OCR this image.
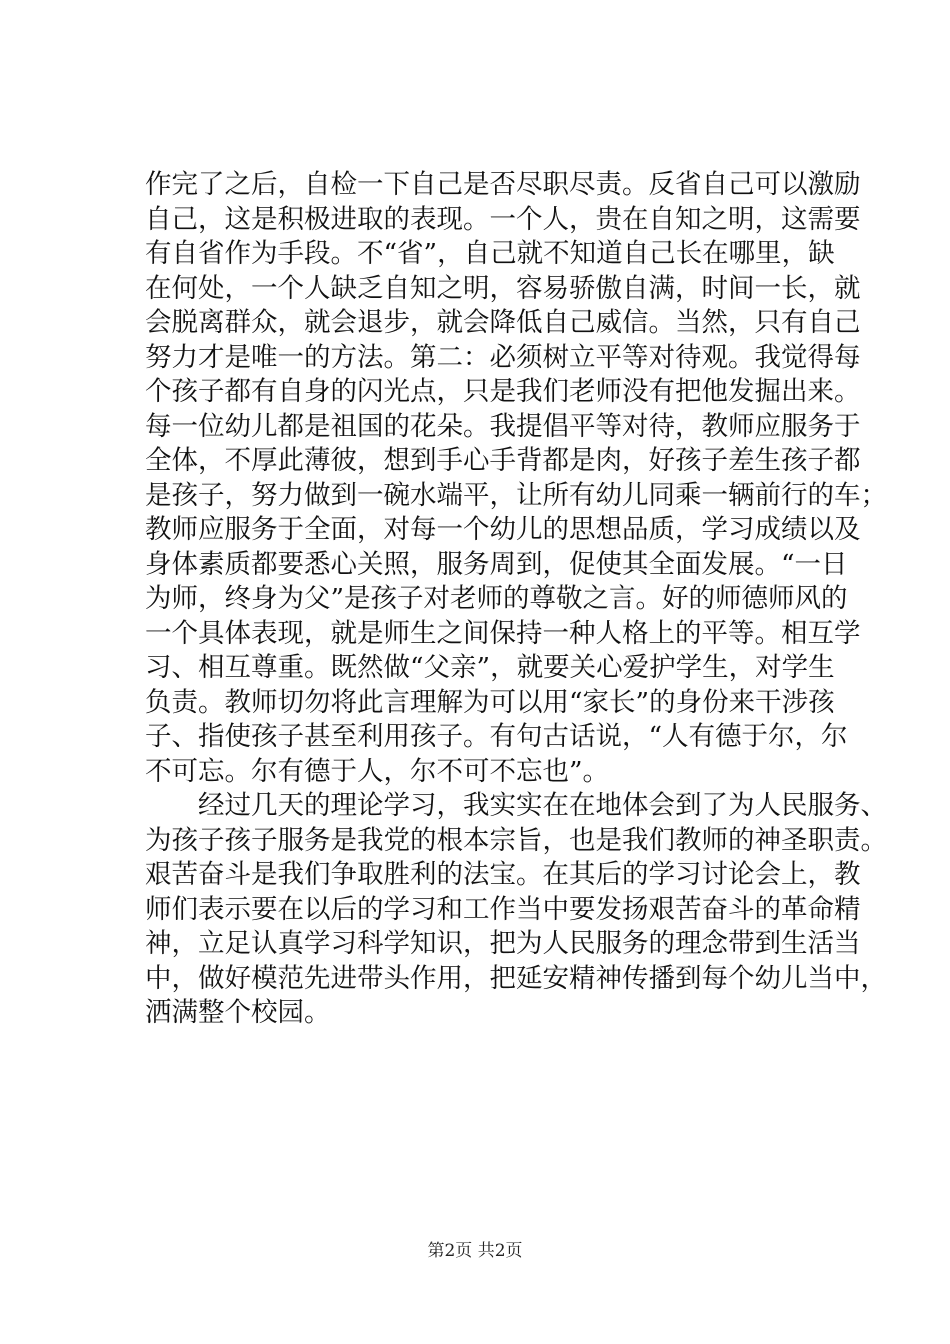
作完了之后，自检一下自己是否尽职尽责。反省自己可以激励
自己，这是积极进取的表现。一个人，贵在自知之明，这需要
有自省作为手段。不“省”，自己就不知道自己长在哪里，缺
在何处，一个人缺乏自知之明，容易骄傲自满，时间一长，就
会脱离群众，就会退步，就会降低自己威信。当然，只有自己
努力才是唯一的方法。第二：必须树立平等对待观。我觉得每
个孩子都有自身的闪光点，只是我们老师没有把他发掘出来。
每一位幼儿都是祖国的花朵。我提倡平等对待，教师应服务于
全体，不厚此薄彼，想到手心手背都是肉，好孩子差生孩子都
是孩子，努力做到一碗水端平，让所有幼儿同乘一辆前行的车；
教师应服务于全面，对每一个幼儿的思想品质，学习成绩以及
身体素质都要悉心关照，服务周到，促使其全面发展。“一日
为师，终身为父”是孩子对老师的尊敬之言。好的师德师风的
一个具体表现，就是师生之间保持一种人格上的平等。相互学
习、相互尊重。既然做“父亲”，就要关心爱护学生，对学生
负责。教师切勿将此言理解为可以用“家长”的身份来干涉孩
子、指使孩子甚至利用孩子。有句古话说，“人有德于尔，尔
不可忘。尔有德于人，尔不可不忘也”。
　　经过几天的理论学习，我实实在在地体会到了为人民服务、
为孩子孩子服务是我党的根本宗旨，也是我们教师的神圣职责。
艰苦奋斗是我们争取胜利的法宝。在其后的学习讨论会上，教
师们表示要在以后的学习和工作当中要发扬艰苦奋斗的革命精
神，立足认真学习科学知识，把为人民服务的理念带到生活当
中，做好模范先进带头作用，把延安精神传播到每个幼儿当中，
洒满整个校园。
第2页 共2页
